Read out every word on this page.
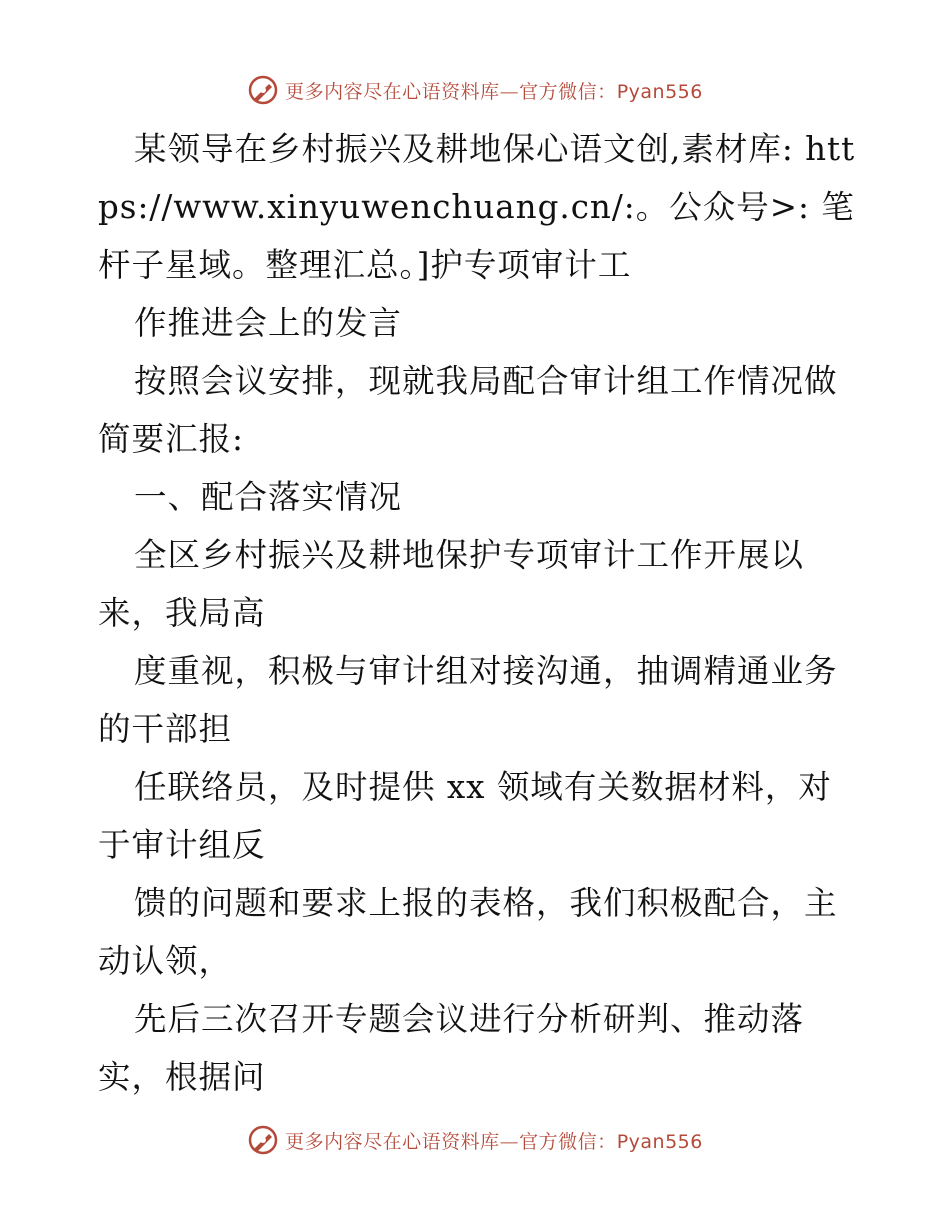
更多内容尽在心语资料库—官方微信：Pyan556

某领导在乡村振兴及耕地保心语文创,素材库: https://www.xinyuwenchuang.cn/:。公众号>: 笔杆子星域。整理汇总。]护专项审计工

作推进会上的发言

按照会议安排，现就我局配合审计组工作情况做简要汇报:

一、配合落实情况

全区乡村振兴及耕地保护专项审计工作开展以来，我局高

度重视，积极与审计组对接沟通，抽调精通业务的干部担

任联络员，及时提供 xx 领域有关数据材料，对于审计组反

馈的问题和要求上报的表格，我们积极配合，主动认领，

先后三次召开专题会议进行分析研判、推动落实，根据问

更多内容尽在心语资料库—官方微信：Pyan556
